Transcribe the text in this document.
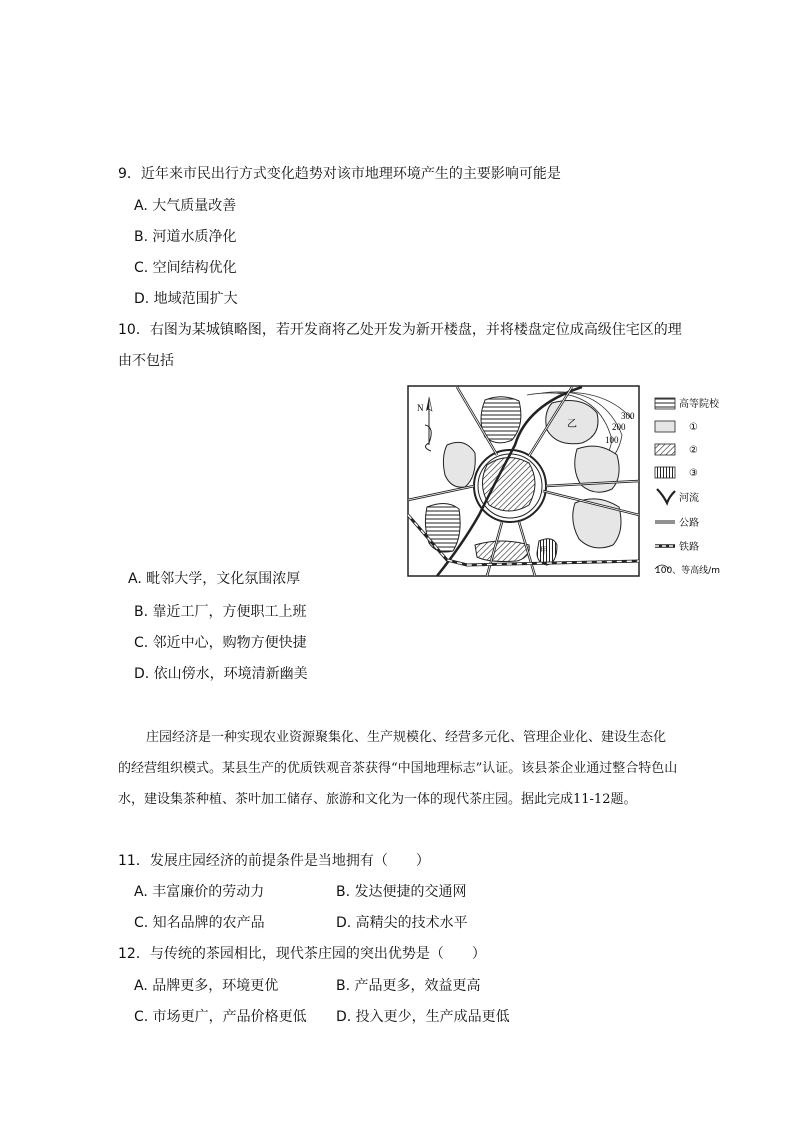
9．近年来市民出行方式变化趋势对该市地理环境产生的主要影响可能是
A. 大气质量改善
B. 河道水质净化
C. 空间结构优化
D. 地域范围扩大
10．右图为某城镇略图，若开发商将乙处开发为新开楼盘，并将楼盘定位成高级住宅区的理
由不包括
300
200
100
N
乙
甲
高等院校
①
②
③
河流
公路
铁路
100、等高线/m
A. 毗邻大学，文化氛围浓厚
B. 靠近工厂，方便职工上班
C. 邻近中心，购物方便快捷
D. 依山傍水，环境清新幽美

庄园经济是一种实现农业资源聚集化、生产规模化、经营多元化、管理企业化、建设生态化的经营组织模式。某县生产的优质铁观音茶获得“中国地理标志”认证。该县茶企业通过整合特色山水，建设集茶种植、茶叶加工储存、旅游和文化为一体的现代茶庄园。据此完成11-12题。

11．发展庄园经济的前提条件是当地拥有（　　）
A. 丰富廉价的劳动力	B. 发达便捷的交通网
C. 知名品牌的农产品	D. 高精尖的技术水平
12．与传统的茶园相比，现代茶庄园的突出优势是（　　）
A. 品牌更多，环境更优	B. 产品更多，效益更高
C. 市场更广，产品价格更低 D. 投入更少，生产成品更低
